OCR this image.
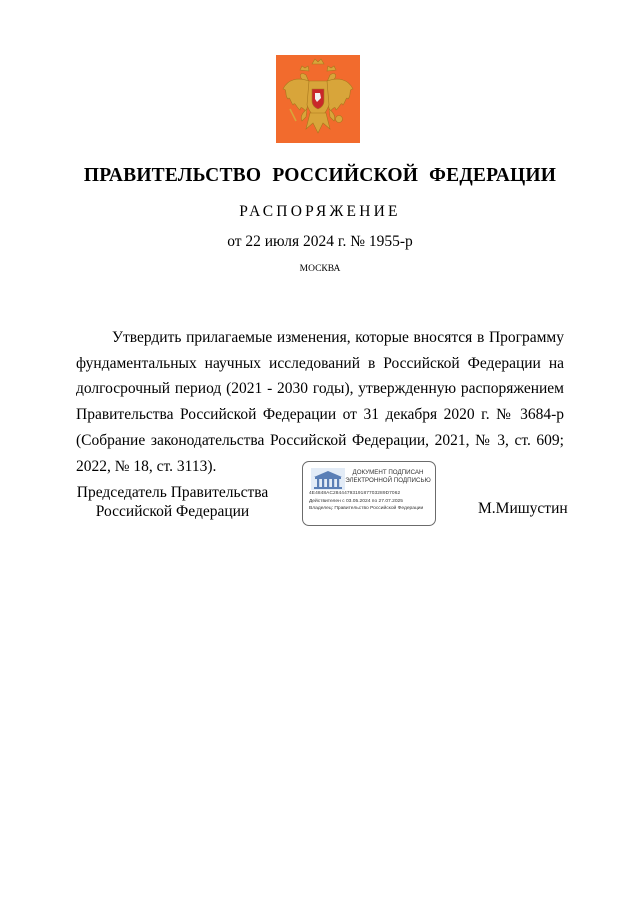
ПРАВИТЕЛЬСТВО РОССИЙСКОЙ ФЕДЕРАЦИИ
РАСПОРЯЖЕНИЕ
от 22 июля 2024 г. № 1955-р
МОСКВА
Утвердить прилагаемые изменения, которые вносятся в Программу фундаментальных научных исследований в Российской Федерации на долгосрочный период (2021 - 2030 годы), утвержденную распоряжением Правительства Российской Федерации от 31 декабря 2020 г. № 3684-р (Собрание законодательства Российской Федерации, 2021, № 3, ст. 609; 2022, № 18, ст. 3113).
Председатель Правительства
Российской Федерации
ДОКУМЕНТ ПОДПИСАН
ЭЛЕКТРОННОЙ ПОДПИСЬЮ
4E4848AC2844479319187703289D7062
Действителен с 03.05.2024 по 27.07.2025
Владелец: Правительство Российской Федерации	М.Мишустин
